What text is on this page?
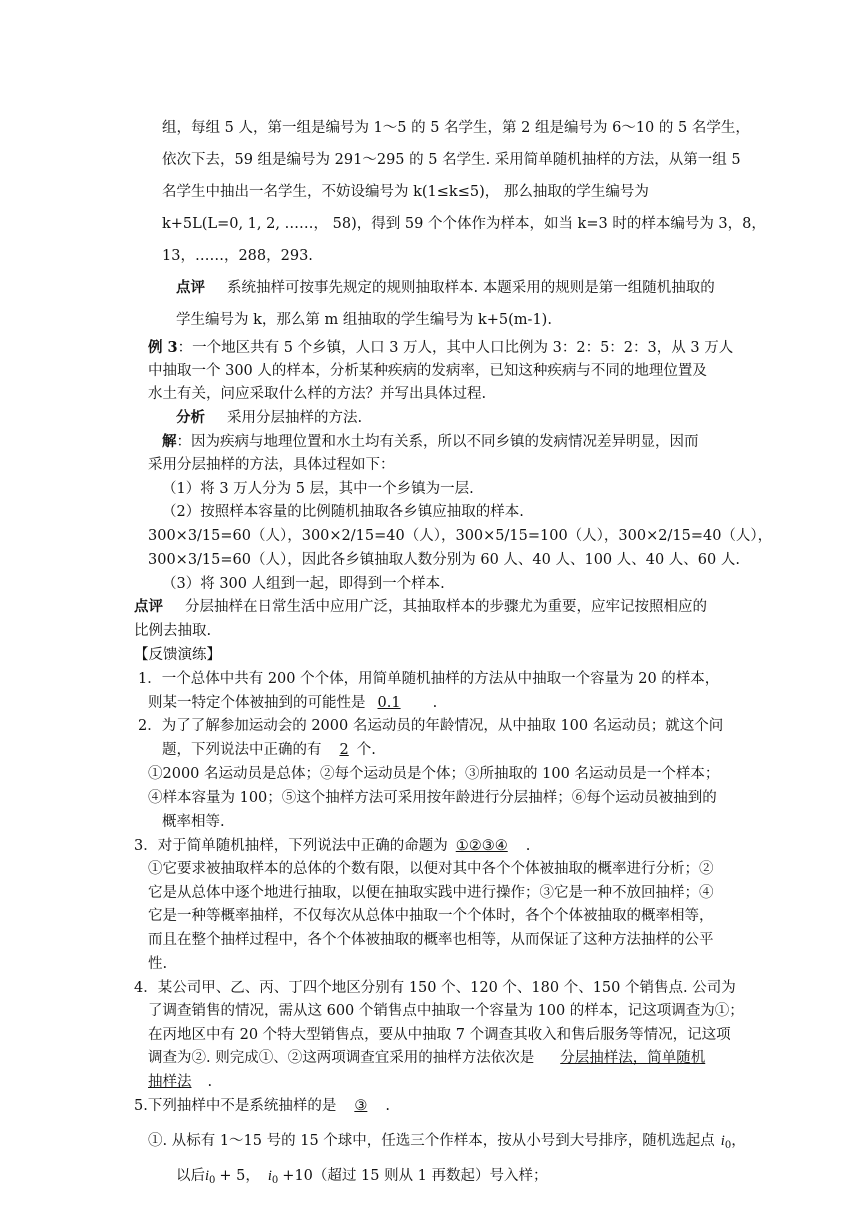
组，每组 5 人，第一组是编号为 1～5 的 5 名学生，第 2 组是编号为 6～10 的 5 名学生，
依次下去，59 组是编号为 291～295 的 5 名学生. 采用简单随机抽样的方法，从第一组 5
名学生中抽出一名学生，不妨设编号为 k(1≤k≤5)， 那么抽取的学生编号为
k+5L(L=0, 1, 2, ……， 58)，得到 59 个个体作为样本，如当 k=3 时的样本编号为 3，8，
13，……，288，293.
点评 系统抽样可按事先规定的规则抽取样本. 本题采用的规则是第一组随机抽取的
学生编号为 k，那么第 m 组抽取的学生编号为 k+5(m-1).
例 3：一个地区共有 5 个乡镇，人口 3 万人，其中人口比例为 3：2：5：2：3，从 3 万人
中抽取一个 300 人的样本，分析某种疾病的发病率，已知这种疾病与不同的地理位置及
水土有关，问应采取什么样的方法？并写出具体过程.
分析 采用分层抽样的方法.
解：因为疾病与地理位置和水土均有关系，所以不同乡镇的发病情况差异明显，因而
采用分层抽样的方法，具体过程如下：
（1）将 3 万人分为 5 层，其中一个乡镇为一层.
（2）按照样本容量的比例随机抽取各乡镇应抽取的样本.
300×3/15=60（人），300×2/15=40（人），300×5/15=100（人），300×2/15=40（人），
300×3/15=60（人），因此各乡镇抽取人数分别为 60 人、40 人、100 人、40 人、60 人.
（3）将 300 人组到一起，即得到一个样本.
点评 分层抽样在日常生活中应用广泛，其抽取样本的步骤尤为重要，应牢记按照相应的
比例去抽取.
【反馈演练】
1．一个总体中共有 200 个个体，用简单随机抽样的方法从中抽取一个容量为 20 的样本，
则某一特定个体被抽到的可能性是 0.1 .
2．为了了解参加运动会的 2000 名运动员的年龄情况，从中抽取 100 名运动员；就这个问
题，下列说法中正确的有 2 个.
①2000 名运动员是总体；②每个运动员是个体；③所抽取的 100 名运动员是一个样本；
④样本容量为 100；⑤这个抽样方法可采用按年龄进行分层抽样；⑥每个运动员被抽到的
概率相等.
3．对于简单随机抽样，下列说法中正确的命题为 ①②③④ .
①它要求被抽取样本的总体的个数有限，以便对其中各个个体被抽取的概率进行分析；②
它是从总体中逐个地进行抽取，以便在抽取实践中进行操作；③它是一种不放回抽样；④
它是一种等概率抽样，不仅每次从总体中抽取一个个体时，各个个体被抽取的概率相等，
而且在整个抽样过程中，各个个体被抽取的概率也相等，从而保证了这种方法抽样的公平
性.
4．某公司甲、乙、丙、丁四个地区分别有 150 个、120 个、180 个、150 个销售点. 公司为
了调查销售的情况，需从这 600 个销售点中抽取一个容量为 100 的样本，记这项调查为①；
在丙地区中有 20 个特大型销售点，要从中抽取 7 个调查其收入和售后服务等情况，记这项
调查为②. 则完成①、②这两项调查宜采用的抽样方法依次是 分层抽样法，简单随机
抽样法 .
5.下列抽样中不是系统抽样的是 ③ .
①. 从标有 1～15 号的 15 个球中，任选三个作样本，按从小号到大号排序，随机选起点 $i_0$，
以后$i_0 + 5$， $i_0 +10$（超过 15 则从 1 再数起）号入样；
